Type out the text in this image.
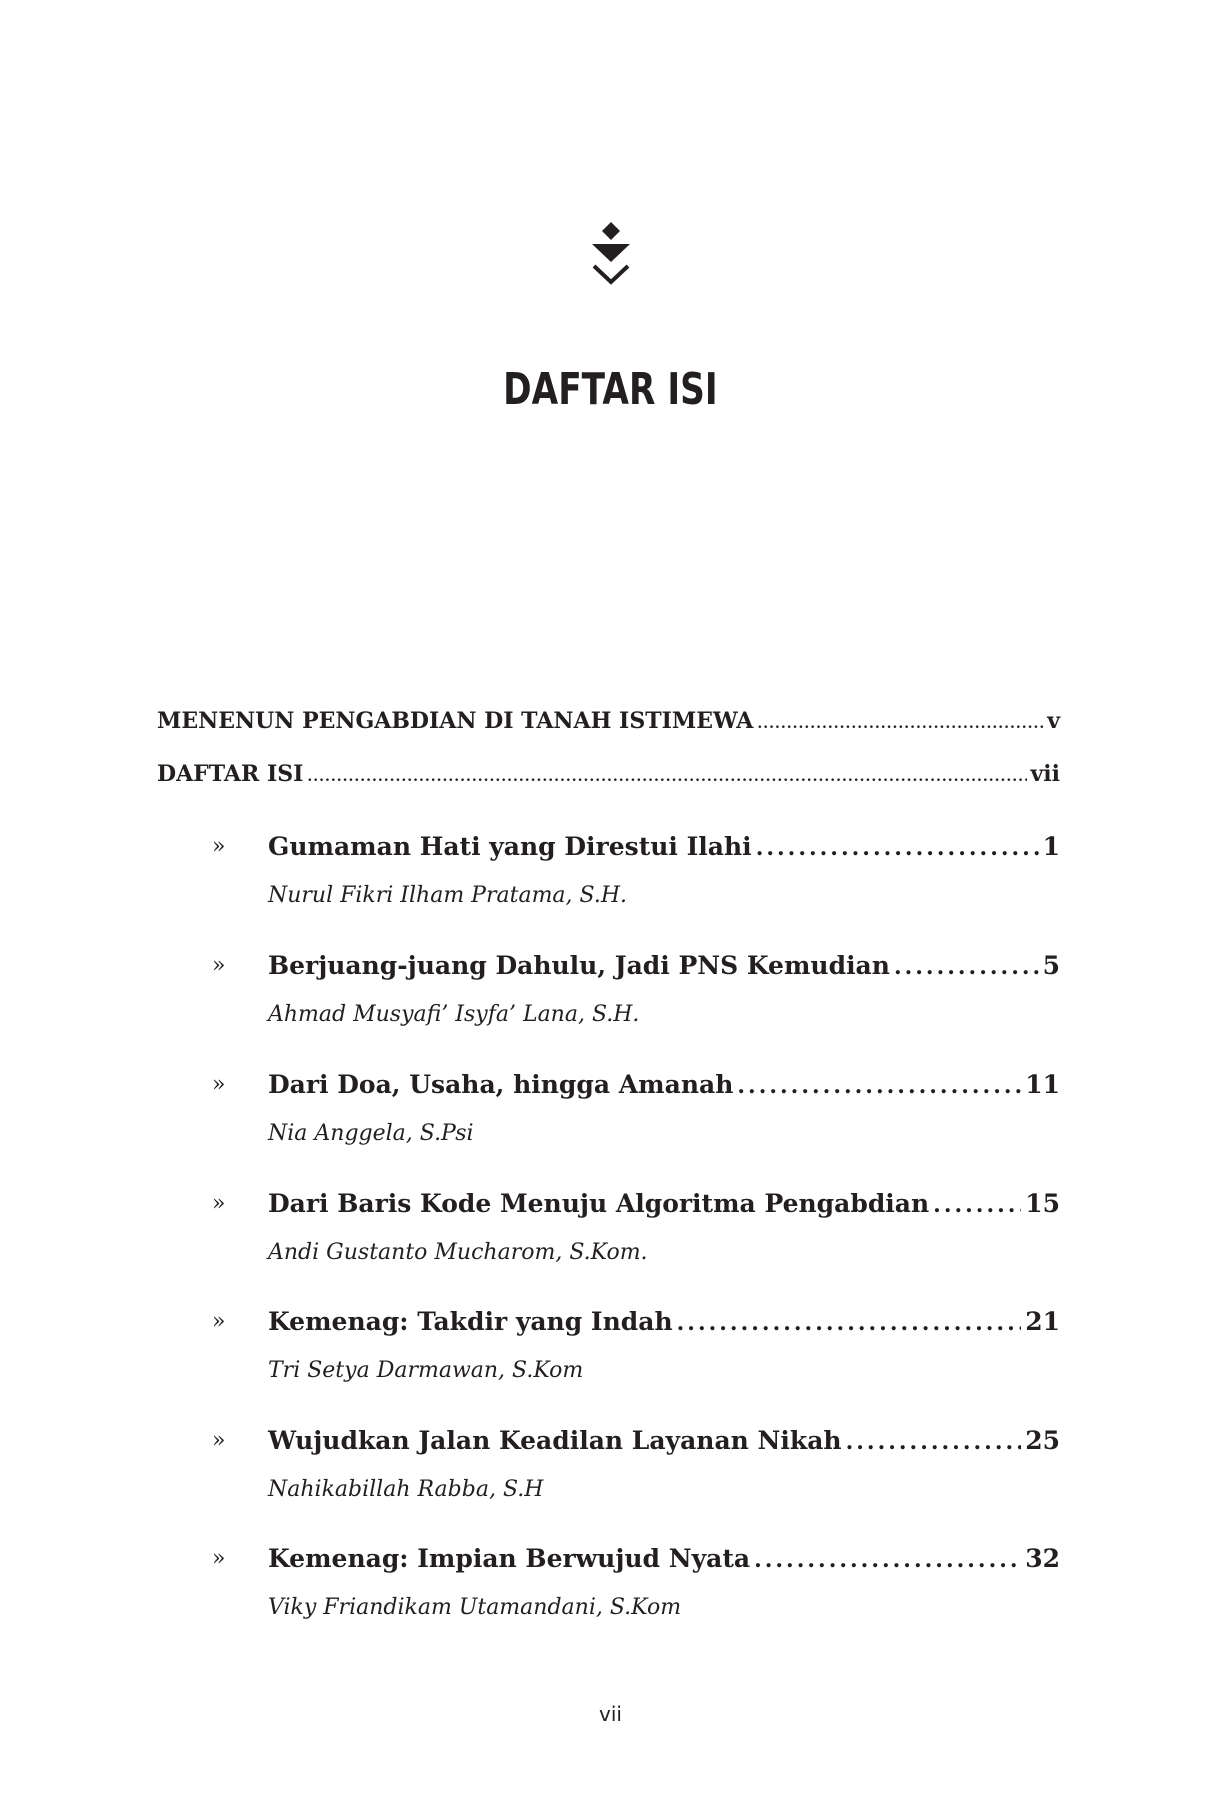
DAFTAR ISI
MENENUN PENGABDIAN DI TANAH ISTIMEWA .....	v
DAFTAR ISI .....	vii
» Gumaman Hati yang Direstui Ilahi .....	1
Nurul Fikri Ilham Pratama, S.H.
» Berjuang-juang Dahulu, Jadi PNS Kemudian .....	5
Ahmad Musyafi’ Isyfa’ Lana, S.H.
» Dari Doa, Usaha, hingga Amanah .....	11
Nia Anggela, S.Psi
» Dari Baris Kode Menuju Algoritma Pengabdian .....	15
Andi Gustanto Mucharom, S.Kom.
» Kemenag: Takdir yang Indah .....	21
Tri Setya Darmawan, S.Kom
» Wujudkan Jalan Keadilan Layanan Nikah .....	25
Nahikabillah Rabba, S.H
» Kemenag: Impian Berwujud Nyata .....	32
Viky Friandikam Utamandani, S.Kom
vii
